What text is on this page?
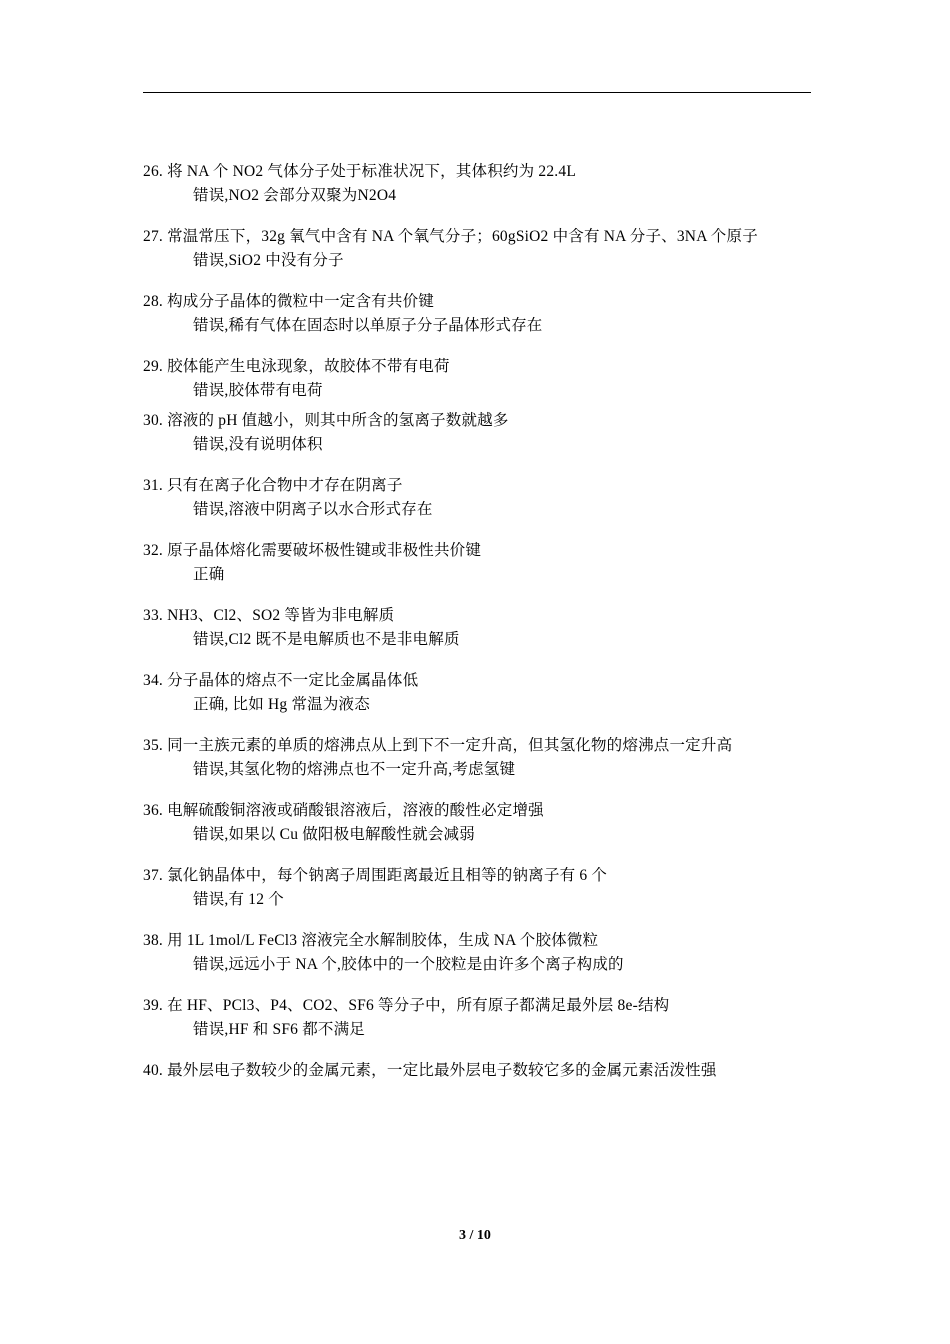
26. 将 NA 个 NO2 气体分子处于标准状况下，其体积约为 22.4L
错误,NO2 会部分双聚为N2O4
27. 常温常压下，32g 氧气中含有 NA 个氧气分子；60gSiO2 中含有 NA 分子、3NA 个原子
错误,SiO2 中没有分子
28. 构成分子晶体的微粒中一定含有共价键
错误,稀有气体在固态时以单原子分子晶体形式存在
29. 胶体能产生电泳现象，故胶体不带有电荷
错误,胶体带有电荷
30. 溶液的 pH 值越小，则其中所含的氢离子数就越多
错误,没有说明体积
31. 只有在离子化合物中才存在阴离子
错误,溶液中阴离子以水合形式存在
32. 原子晶体熔化需要破坏极性键或非极性共价键
正确
33. NH3、Cl2、SO2 等皆为非电解质
错误,Cl2 既不是电解质也不是非电解质
34. 分子晶体的熔点不一定比金属晶体低
正确, 比如 Hg 常温为液态
35. 同一主族元素的单质的熔沸点从上到下不一定升高，但其氢化物的熔沸点一定升高
错误,其氢化物的熔沸点也不一定升高,考虑氢键
36. 电解硫酸铜溶液或硝酸银溶液后，溶液的酸性必定增强
错误,如果以 Cu 做阳极电解酸性就会减弱
37. 氯化钠晶体中，每个钠离子周围距离最近且相等的钠离子有 6 个
错误,有 12 个
38. 用 1L 1mol/L FeCl3 溶液完全水解制胶体，生成 NA 个胶体微粒
错误,远远小于 NA 个,胶体中的一个胶粒是由许多个离子构成的
39. 在 HF、PCl3、P4、CO2、SF6 等分子中，所有原子都满足最外层 8e-结构
错误,HF 和 SF6 都不满足
40. 最外层电子数较少的金属元素，一定比最外层电子数较它多的金属元素活泼性强
3 / 10
